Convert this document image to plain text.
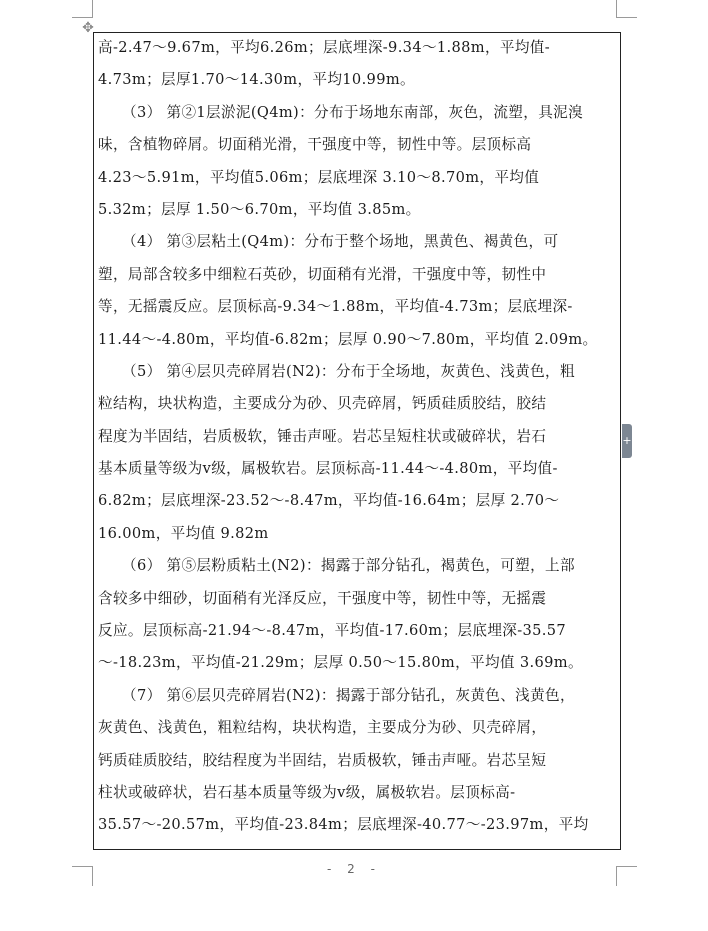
✥
高-2.47～9.67m，平均6.26m；层底埋深-9.34～1.88m，平均值-
4.73m；层厚1.70～14.30m，平均10.99m。
（3） 第②1层淤泥(Q4m)：分布于场地东南部，灰色，流塑，具泥溴
味，含植物碎屑。切面稍光滑，干强度中等，韧性中等。层顶标高
4.23～5.91m，平均值5.06m；层底埋深 3.10～8.70m，平均值
5.32m；层厚 1.50～6.70m，平均值 3.85m。
（4） 第③层粘土(Q4m)：分布于整个场地，黑黄色、褐黄色，可
塑，局部含较多中细粒石英砂，切面稍有光滑，干强度中等，韧性中
等，无摇震反应。层顶标高-9.34～1.88m，平均值-4.73m；层底埋深-
11.44～-4.80m，平均值-6.82m；层厚 0.90～7.80m，平均值 2.09m。
（5） 第④层贝壳碎屑岩(N2)：分布于全场地，灰黄色、浅黄色，粗
粒结构，块状构造，主要成分为砂、贝壳碎屑，钙质硅质胶结，胶结
程度为半固结，岩质极软，锤击声哑。岩芯呈短柱状或破碎状，岩石
基本质量等级为v级，属极软岩。层顶标高-11.44～-4.80m，平均值-
6.82m；层底埋深-23.52～-8.47m，平均值-16.64m；层厚 2.70～
16.00m，平均值 9.82m
（6） 第⑤层粉质粘土(N2)：揭露于部分钻孔，褐黄色，可塑，上部
含较多中细砂，切面稍有光泽反应，干强度中等，韧性中等，无摇震
反应。层顶标高-21.94～-8.47m，平均值-17.60m；层底埋深-35.57
～-18.23m，平均值-21.29m；层厚 0.50～15.80m，平均值 3.69m。
（7） 第⑥层贝壳碎屑岩(N2)：揭露于部分钻孔，灰黄色、浅黄色，
灰黄色、浅黄色，粗粒结构，块状构造，主要成分为砂、贝壳碎屑，
钙质硅质胶结，胶结程度为半固结，岩质极软，锤击声哑。岩芯呈短
柱状或破碎状，岩石基本质量等级为v级，属极软岩。层顶标高-
35.57～-20.57m，平均值-23.84m；层底埋深-40.77～-23.97m，平均
+
- 2 -
